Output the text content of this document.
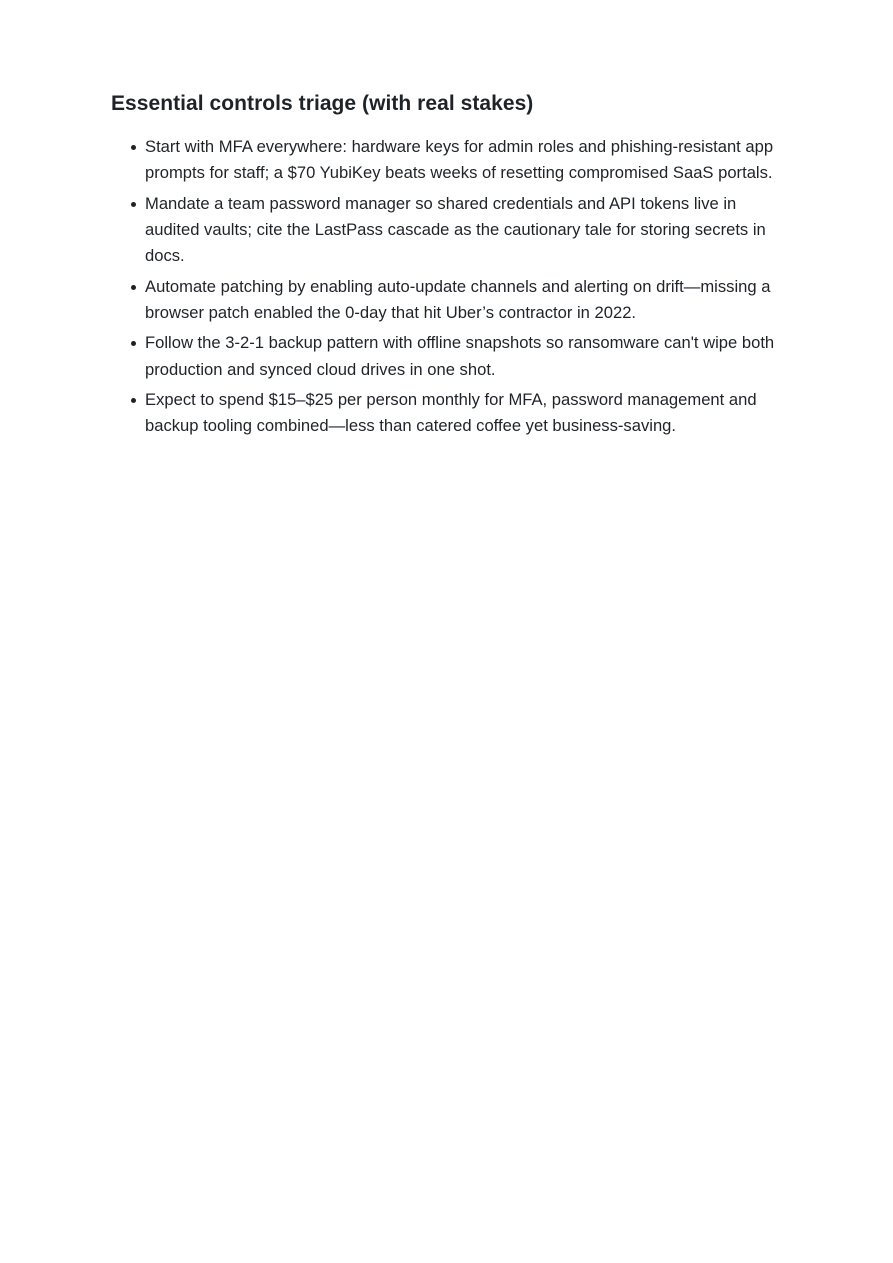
Essential controls triage (with real stakes)
Start with MFA everywhere: hardware keys for admin roles and phishing-resistant app prompts for staff; a $70 YubiKey beats weeks of resetting compromised SaaS portals.
Mandate a team password manager so shared credentials and API tokens live in audited vaults; cite the LastPass cascade as the cautionary tale for storing secrets in docs.
Automate patching by enabling auto-update channels and alerting on drift—missing a browser patch enabled the 0-day that hit Uber’s contractor in 2022.
Follow the 3-2-1 backup pattern with offline snapshots so ransomware can't wipe both production and synced cloud drives in one shot.
Expect to spend $15–$25 per person monthly for MFA, password management and backup tooling combined—less than catered coffee yet business-saving.
